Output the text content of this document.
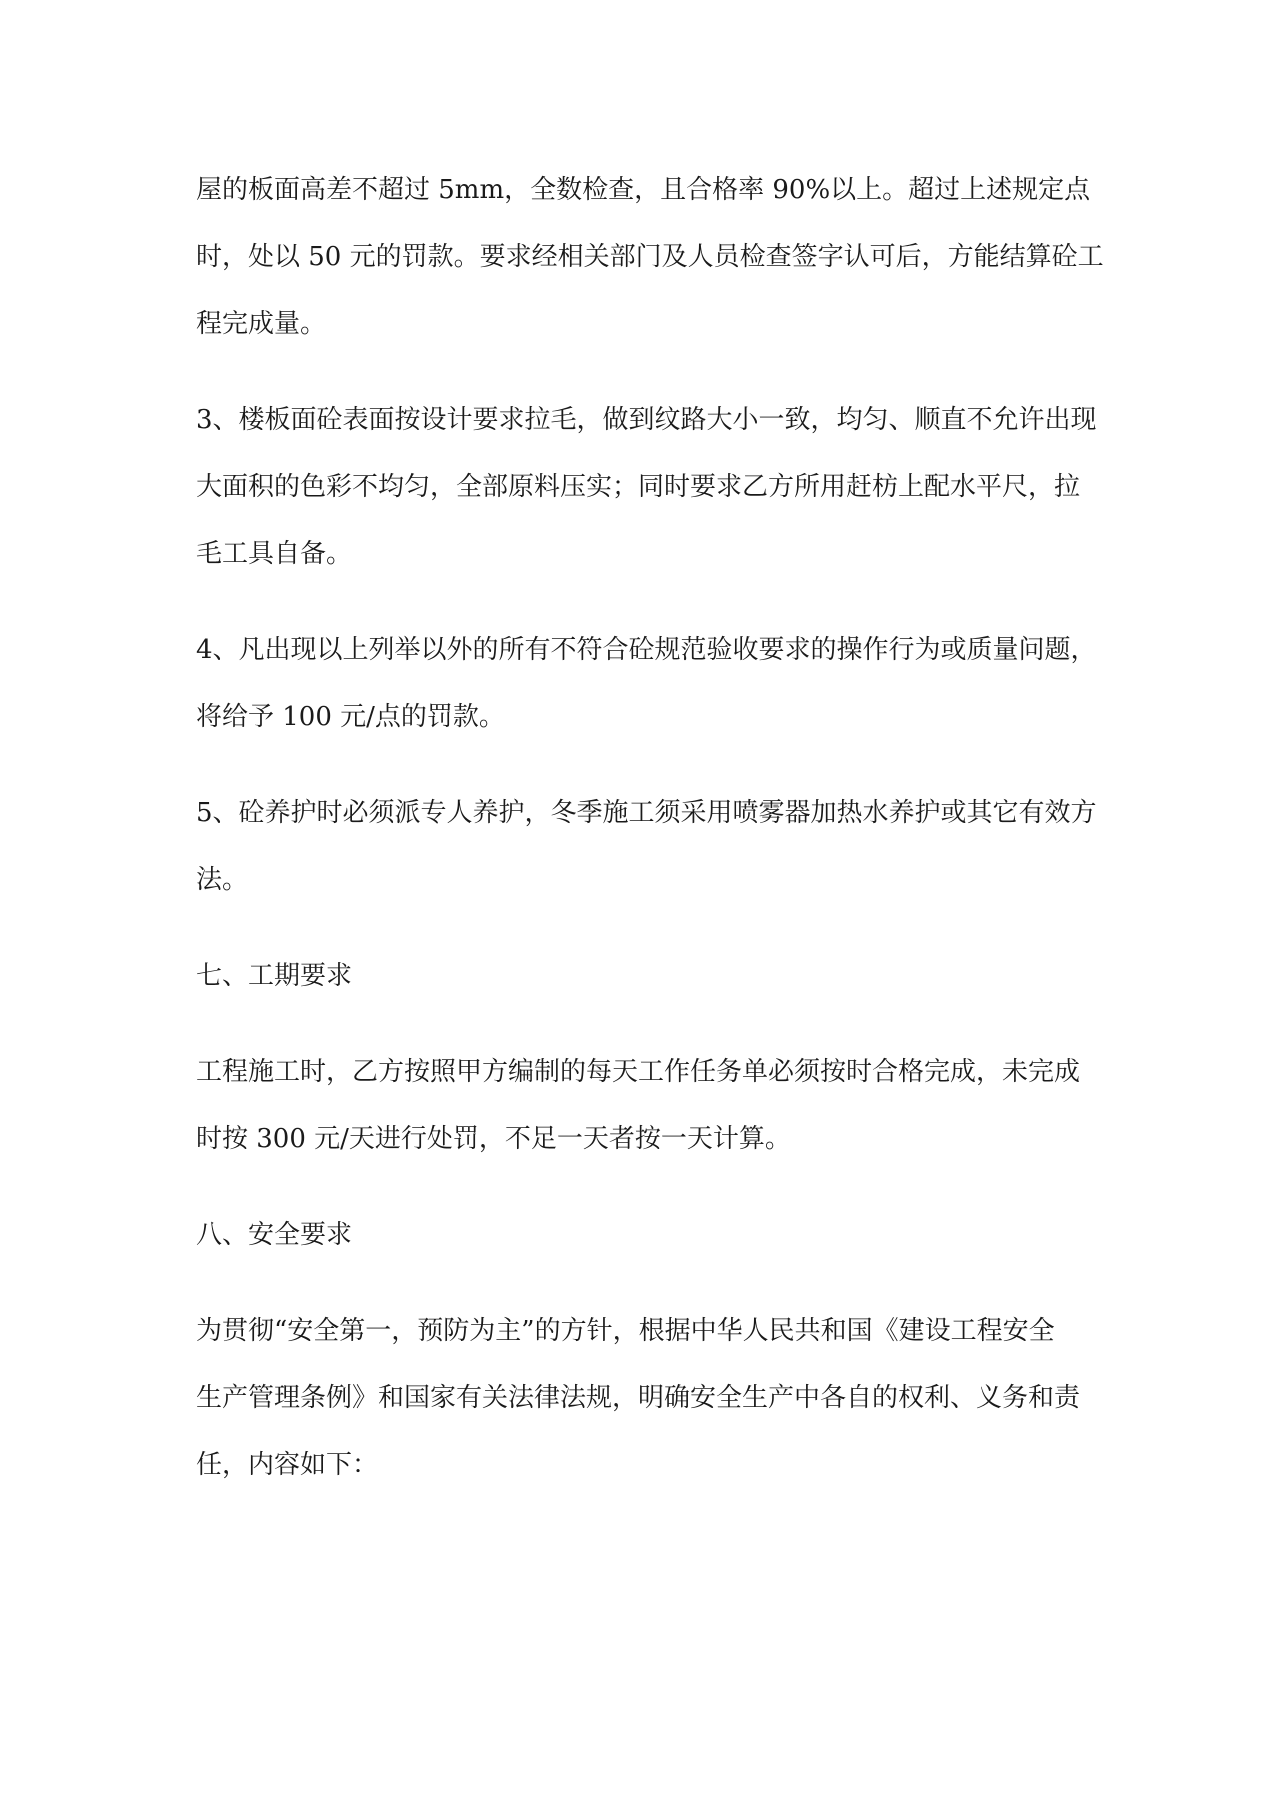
屋的板面高差不超过 5mm，全数检查，且合格率 90%以上。超过上述规定点
时，处以 50 元的罚款。要求经相关部门及人员检查签字认可后，方能结算砼工
程完成量。
3、楼板面砼表面按设计要求拉毛，做到纹路大小一致，均匀、顺直不允许出现
大面积的色彩不均匀，全部原料压实；同时要求乙方所用赶枋上配水平尺，拉
毛工具自备。
4、凡出现以上列举以外的所有不符合砼规范验收要求的操作行为或质量问题，
将给予 100 元/点的罚款。
5、砼养护时必须派专人养护，冬季施工须采用喷雾器加热水养护或其它有效方
法。
七、工期要求
工程施工时，乙方按照甲方编制的每天工作任务单必须按时合格完成，未完成
时按 300 元/天进行处罚，不足一天者按一天计算。
八、安全要求
为贯彻“安全第一，预防为主”的方针，根据中华人民共和国《建设工程安全
生产管理条例》和国家有关法律法规，明确安全生产中各自的权利、义务和责
任，内容如下：
